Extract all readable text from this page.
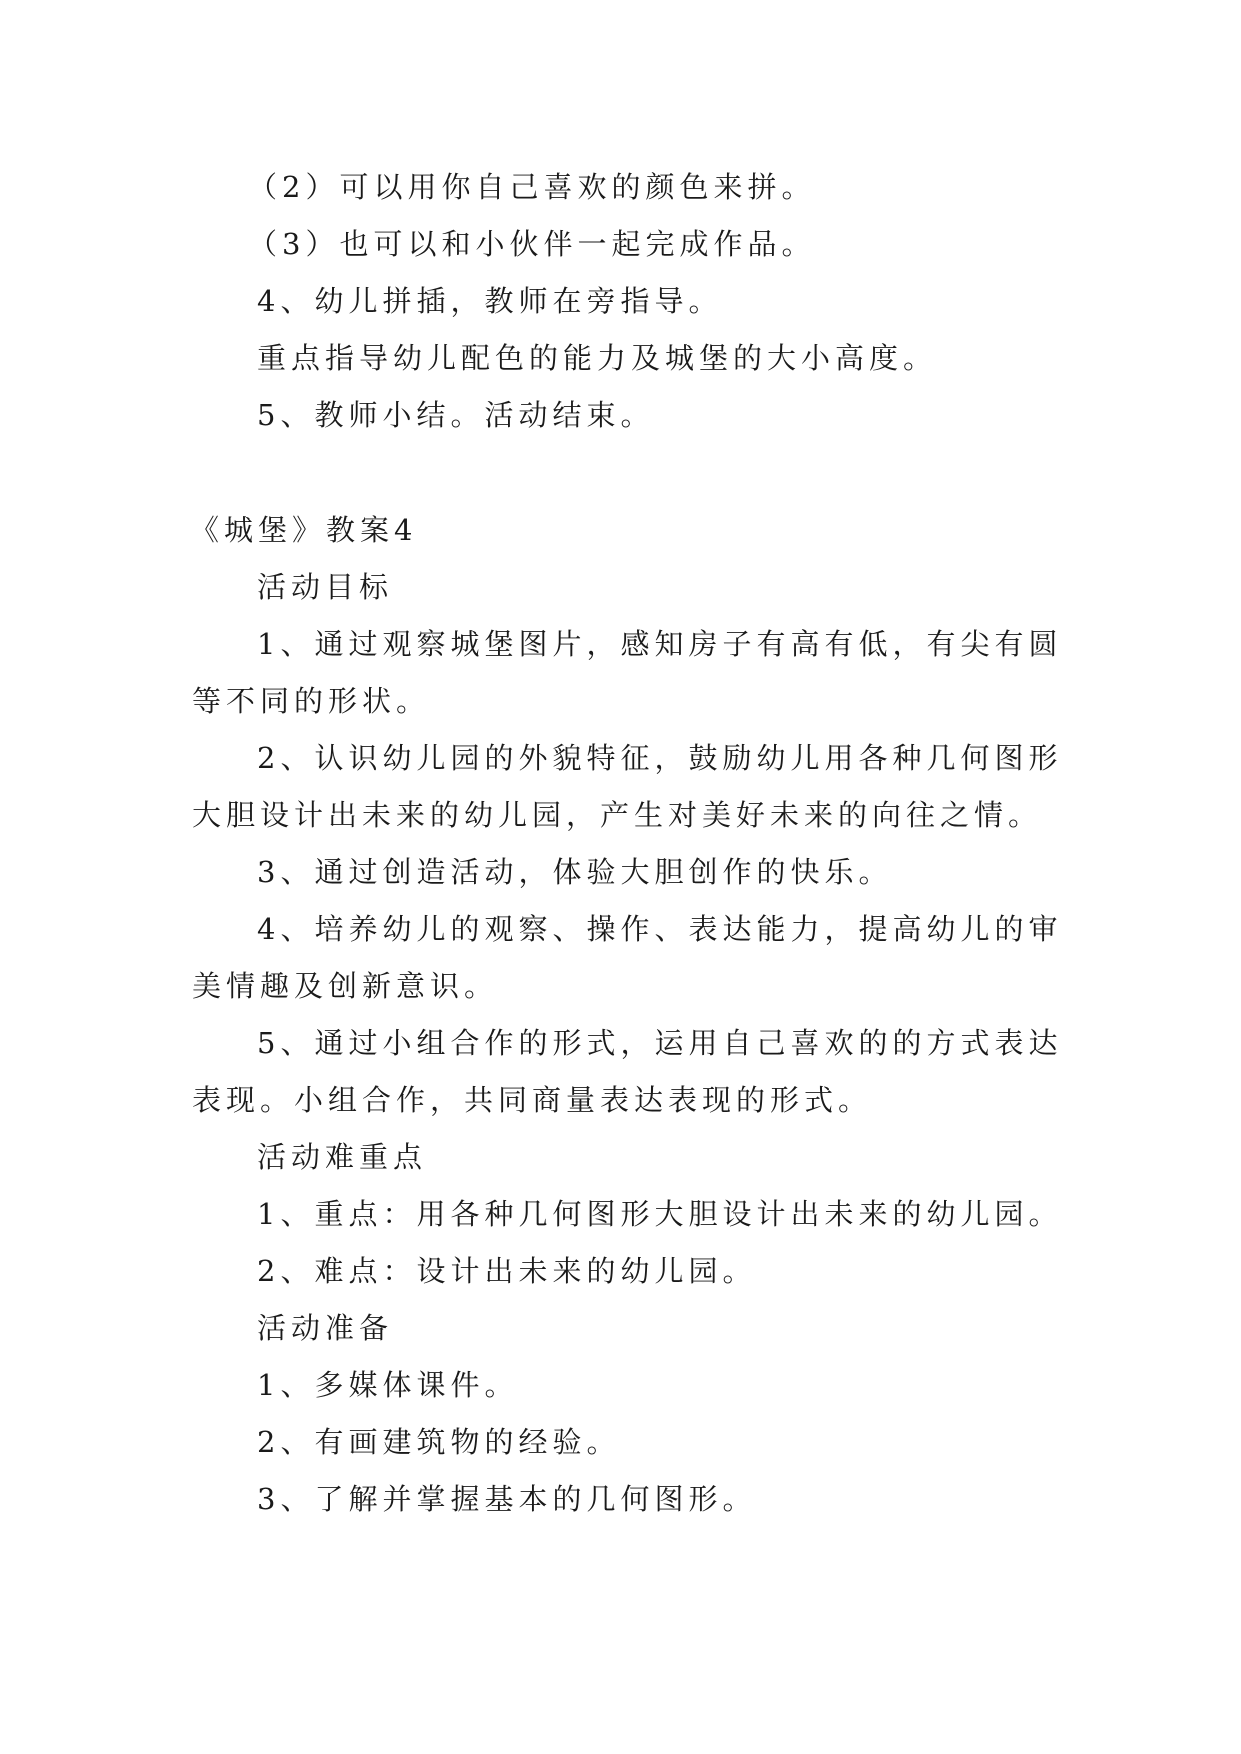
（2）可以用你自己喜欢的颜色来拼。
（3）也可以和小伙伴一起完成作品。
4、幼儿拼插，教师在旁指导。
重点指导幼儿配色的能力及城堡的大小高度。
5、教师小结。活动结束。
《城堡》教案4
活动目标
1、通过观察城堡图片，感知房子有高有低，有尖有圆
等不同的形状。
2、认识幼儿园的外貌特征，鼓励幼儿用各种几何图形
大胆设计出未来的幼儿园，产生对美好未来的向往之情。
3、通过创造活动，体验大胆创作的快乐。
4、培养幼儿的观察、操作、表达能力，提高幼儿的审
美情趣及创新意识。
5、通过小组合作的形式，运用自己喜欢的的方式表达
表现。小组合作，共同商量表达表现的形式。
活动难重点
1、重点：用各种几何图形大胆设计出未来的幼儿园。
2、难点：设计出未来的幼儿园。
活动准备
1、多媒体课件。
2、有画建筑物的经验。
3、了解并掌握基本的几何图形。
